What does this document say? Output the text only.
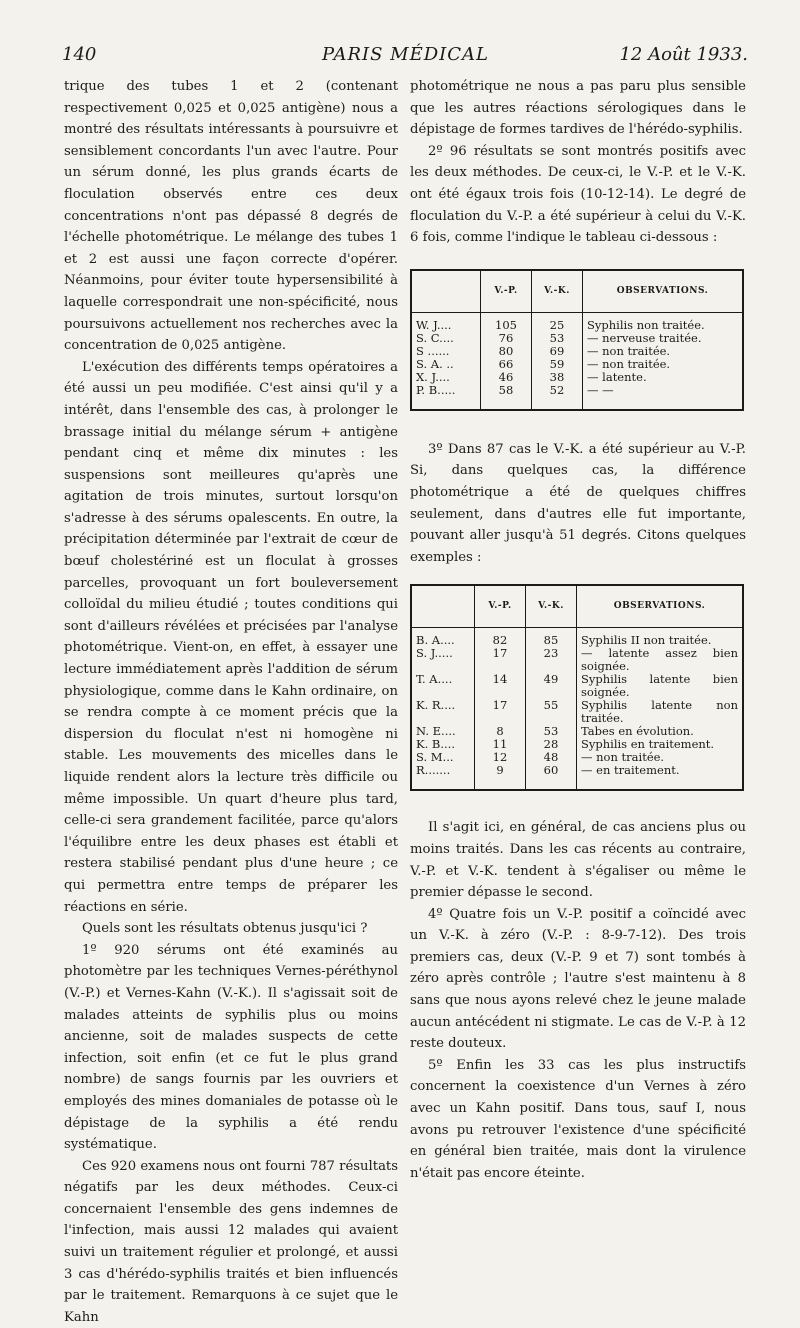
140	PARIS MÉDICAL	12 Août 1933.

trique des tubes 1 et 2 (contenant respectivement 0,025 et 0,025 antigène) nous a montré des résultats intéressants à poursuivre et sensiblement concordants l'un avec l'autre. Pour un sérum donné, les plus grands écarts de floculation observés entre ces deux concentrations n'ont pas dépassé 8 degrés de l'échelle photométrique. Le mélange des tubes 1 et 2 est aussi une façon correcte d'opérer. Néanmoins, pour éviter toute hypersensibilité à laquelle correspondrait une non-spécificité, nous poursuivons actuellement nos recherches avec la concentration de 0,025 antigène.

L'exécution des différents temps opératoires a été aussi un peu modifiée. C'est ainsi qu'il y a intérêt, dans l'ensemble des cas, à prolonger le brassage initial du mélange sérum + antigène pendant cinq et même dix minutes : les suspensions sont meilleures qu'après une agitation de trois minutes, surtout lorsqu'on s'adresse à des sérums opalescents. En outre, la précipitation déterminée par l'extrait de cœur de bœuf cholestériné est un floculat à grosses parcelles, provoquant un fort bouleversement colloïdal du milieu étudié ; toutes conditions qui sont d'ailleurs révélées et précisées par l'analyse photométrique. Vient-on, en effet, à essayer une lecture immédiatement après l'addition de sérum physiologique, comme dans le Kahn ordinaire, on se rendra compte à ce moment précis que la dispersion du floculat n'est ni homogène ni stable. Les mouvements des micelles dans le liquide rendent alors la lecture très difficile ou même impossible. Un quart d'heure plus tard, celle-ci sera grandement facilitée, parce qu'alors l'équilibre entre les deux phases est établi et restera stabilisé pendant plus d'une heure ; ce qui permettra entre temps de préparer les réactions en série.

Quels sont les résultats obtenus jusqu'ici ?

1º 920 sérums ont été examinés au photomètre par les techniques Vernes-péréthynol (V.-P.) et Vernes-Kahn (V.-K.). Il s'agissait soit de malades atteints de syphilis plus ou moins ancienne, soit de malades suspects de cette infection, soit enfin (et ce fut le plus grand nombre) de sangs fournis par les ouvriers et employés des mines domaniales de potasse où le dépistage de la syphilis a été rendu systématique.

Ces 920 examens nous ont fourni 787 résultats négatifs par les deux méthodes. Ceux-ci concernaient l'ensemble des gens indemnes de l'infection, mais aussi 12 malades qui avaient suivi un traitement régulier et prolongé, et aussi 3 cas d'hérédo-syphilis traités et bien influencés par le traitement. Remarquons à ce sujet que le Kahn

photométrique ne nous a pas paru plus sensible que les autres réactions sérologiques dans le dépistage de formes tardives de l'hérédo-syphilis.

2º 96 résultats se sont montrés positifs avec les deux méthodes. De ceux-ci, le V.-P. et le V.-K. ont été égaux trois fois (10-12-14). Le degré de floculation du V.-P. a été supérieur à celui du V.-K. 6 fois, comme l'indique le tableau ci-dessous :

	V.-P.	V.-K.	OBSERVATIONS.
W. J....	105	25	Syphilis non traitée.
S. C....	76	53	— nerveuse traitée.
S ......	80	69	— non traitée.
S. A. ..	66	59	— non traitée.
X. J....	46	38	— latente.
P. B.....	58	52	— —

3º Dans 87 cas le V.-K. a été supérieur au V.-P. Si, dans quelques cas, la différence photométrique a été de quelques chiffres seulement, dans d'autres elle fut importante, pouvant aller jusqu'à 51 degrés. Citons quelques exemples :

	V.-P.	V.-K.	OBSERVATIONS.
B. A....	82	85	Syphilis II non traitée.
S. J.....	17	23	— latente assez bien soignée.
T. A....	14	49	Syphilis latente bien soignée.
K. R....	17	55	Syphilis latente non traitée.
N. E....	8	53	Tabes en évolution.
K. B....	11	28	Syphilis en traitement.
S. M...	12	48	— non traitée.
R.......	9	60	— en traitement.

Il s'agit ici, en général, de cas anciens plus ou moins traités. Dans les cas récents au contraire, V.-P. et V.-K. tendent à s'égaliser ou même le premier dépasse le second.

4º Quatre fois un V.-P. positif a coïncidé avec un V.-K. à zéro (V.-P. : 8-9-7-12). Des trois premiers cas, deux (V.-P. 9 et 7) sont tombés à zéro après contrôle ; l'autre s'est maintenu à 8 sans que nous ayons relevé chez le jeune malade aucun antécédent ni stigmate. Le cas de V.-P. à 12 reste douteux.

5º Enfin les 33 cas les plus instructifs concernent la coexistence d'un Vernes à zéro avec un Kahn positif. Dans tous, sauf I, nous avons pu retrouver l'existence d'une spécificité en général bien traitée, mais dont la virulence n'était pas encore éteinte.
